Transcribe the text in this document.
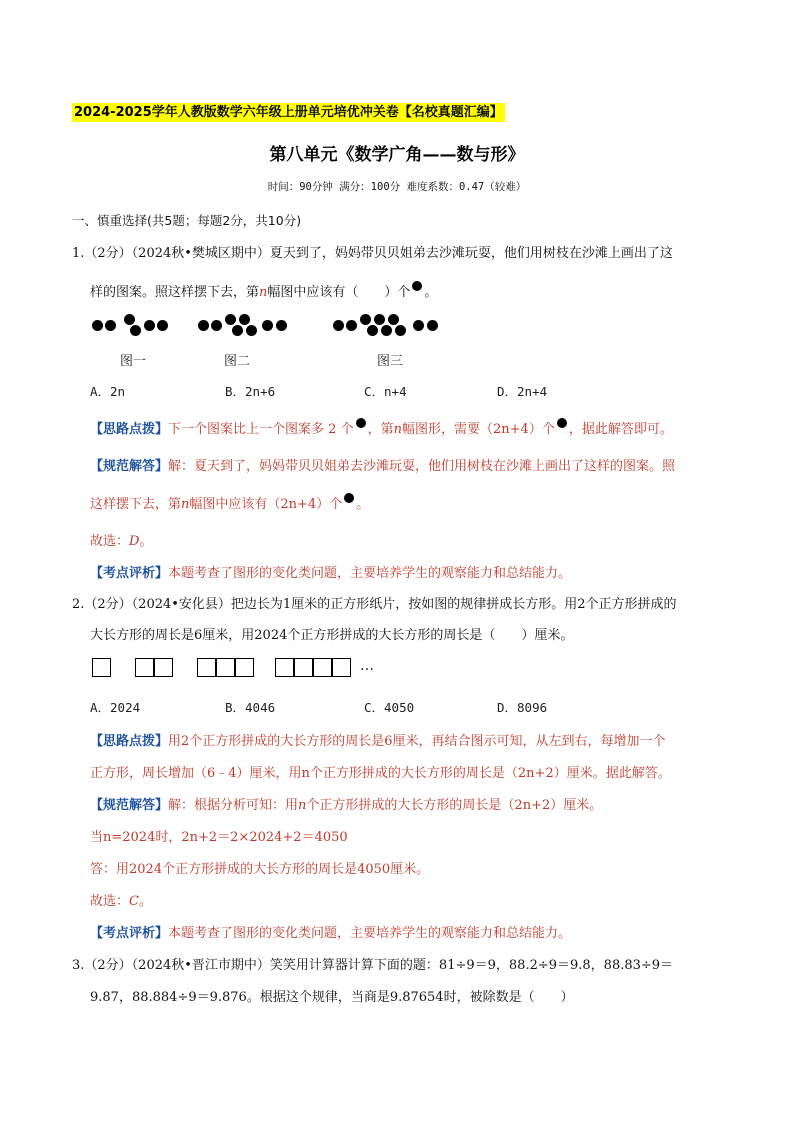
2024-2025学年人教版数学六年级上册单元培优冲关卷【名校真题汇编】
第八单元《数学广角——数与形》
时间：90分钟 满分：100分 难度系数：0.47（较难）
一、慎重选择(共5题；每题2分，共10分)
1.（2分）（2024秋•樊城区期中）夏天到了，妈妈带贝贝姐弟去沙滩玩耍，他们用树枝在沙滩上画出了这
样的图案。照这样摆下去，第n幅图中应该有（　　）个 。
图一	图二	图三
A．2n	B．2n+6	C．n+4	D．2n+4
【思路点拨】下一个图案比上一个图案多 2 个 ，第n幅图形，需要（2n+4）个 ，据此解答即可。
【规范解答】解：夏天到了，妈妈带贝贝姐弟去沙滩玩耍，他们用树枝在沙滩上画出了这样的图案。照
这样摆下去，第n幅图中应该有（2n+4）个 。
故选：D。
【考点评析】本题考查了图形的变化类问题，主要培养学生的观察能力和总结能力。
2.（2分）（2024•安化县）把边长为1厘米的正方形纸片，按如图的规律拼成长方形。用2个正方形拼成的
大长方形的周长是6厘米，用2024个正方形拼成的大长方形的周长是（　　）厘米。
…
A．2024	B．4046	C．4050	D．8096
【思路点拨】用2个正方形拼成的大长方形的周长是6厘米，再结合图示可知，从左到右，每增加一个
正方形，周长增加（6﹣4）厘米，用n个正方形拼成的大长方形的周长是（2n+2）厘米。据此解答。
【规范解答】解：根据分析可知：用n个正方形拼成的大长方形的周长是（2n+2）厘米。
当n=2024时，2n+2＝2×2024+2＝4050
答：用2024个正方形拼成的大长方形的周长是4050厘米。
故选：C。
【考点评析】本题考查了图形的变化类问题，主要培养学生的观察能力和总结能力。
3.（2分）（2024秋•晋江市期中）笑笑用计算器计算下面的题：81÷9＝9，88.2÷9＝9.8，88.83÷9＝
9.87，88.884÷9＝9.876。根据这个规律，当商是9.87654时，被除数是（　　）
